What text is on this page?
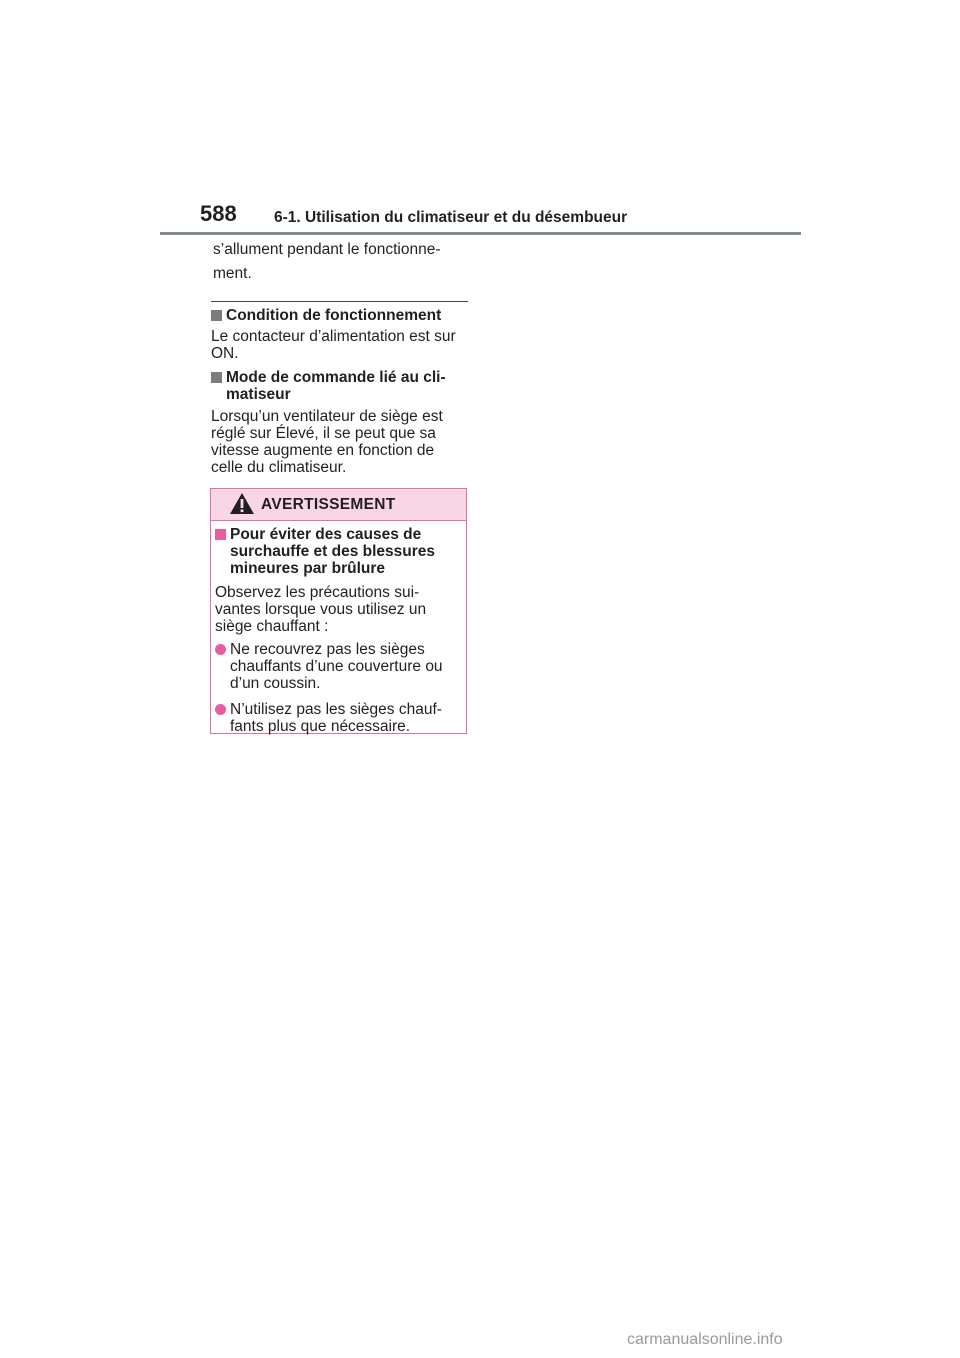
588 6-1. Utilisation du climatiseur et du désembueur
s’allument pendant le fonctionne-
ment.
Condition de fonctionnement
Le contacteur d’alimentation est sur ON.
Mode de commande lié au cli-matiseur
Lorsqu’un ventilateur de siège est réglé sur Élevé, il se peut que sa vitesse augmente en fonction de celle du climatiseur.
AVERTISSEMENT
Pour éviter des causes de surchauffe et des blessures mineures par brûlure
Observez les précautions sui-vantes lorsque vous utilisez un siège chauffant :
Ne recouvrez pas les sièges chauffants d’une couverture ou d’un coussin.
N’utilisez pas les sièges chauf-fants plus que nécessaire.
carmanualsonline.info
